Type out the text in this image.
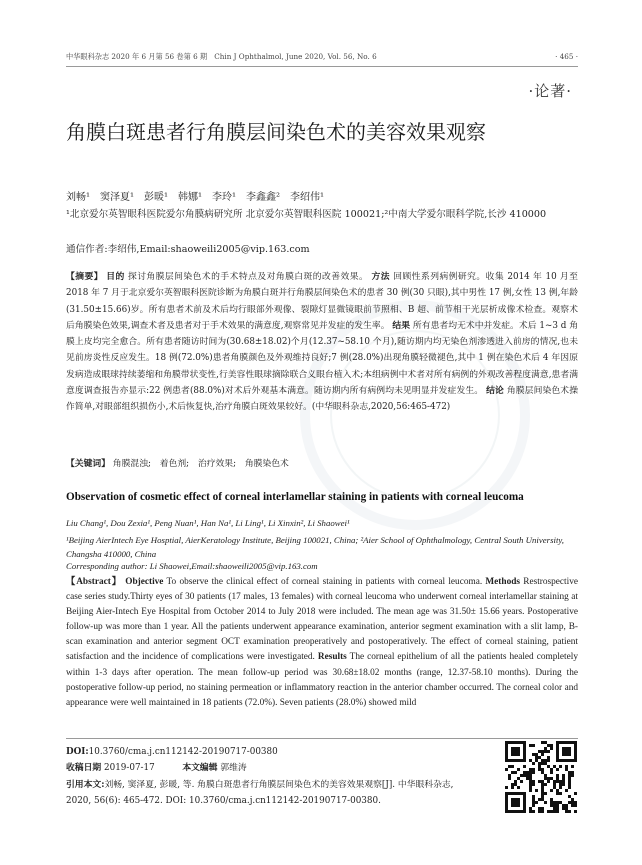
中华眼科杂志 2020 年 6 月第 56 卷第 6 期　Chin J Ophthalmol, June 2020, Vol. 56, No. 6	· 465 ·
·论著·
角膜白斑患者行角膜层间染色术的美容效果观察
刘畅¹　窦泽夏¹　彭暖¹　韩娜¹　李玲¹　李鑫鑫²　李绍伟¹
¹北京爱尔英智眼科医院爱尔角膜病研究所 北京爱尔英智眼科医院 100021;²中南大学爱尔眼科学院,长沙 410000
通信作者:李绍伟,Email:shaoweili2005@vip.163.com
【摘要】 目的 探讨角膜层间染色术的手术特点及对角膜白斑的改善效果。 方法 回顾性系列病例研究。收集 2014 年 10 月至 2018 年 7 月于北京爱尔英智眼科医院诊断为角膜白斑并行角膜层间染色术的患者 30 例(30 只眼),其中男性 17 例,女性 13 例,年龄(31.50±15.66)岁。所有患者术前及术后均行眼部外观像、裂隙灯显微镜眼前节照相、B 超、前节相干光层析成像术检查。观察术后角膜染色效果,调查术者及患者对于手术效果的满意度,观察常见并发症的发生率。 结果 所有患者均无术中并发症。术后 1~3 d 角膜上皮均完全愈合。所有患者随访时间为(30.68±18.02)个月(12.37~58.10 个月),随访期内均无染色剂渗透进入前房的情况,也未见前房炎性反应发生。18 例(72.0%)患者角膜颜色及外观维持良好;7 例(28.0%)出现角膜轻微褪色,其中 1 例在染色术后 4 年因原发病造成眼球持续萎缩和角膜带状变性,行美容性眼球摘除联合义眼台植入术;本组病例中术者对所有病例的外观改善程度满意,患者满意度调查报告亦显示:22 例患者(88.0%)对术后外观基本满意。随访期内所有病例均未见明显并发症发生。 结论 角膜层间染色术操作简单,对眼部组织损伤小,术后恢复快,治疗角膜白斑效果较好。(中华眼科杂志,2020,56:465-472)
【关键词】 角膜混浊;　着色剂;　治疗效果;　角膜染色术
Observation of cosmetic effect of corneal interlamellar staining in patients with corneal leucoma
Liu Chang¹, Dou Zexia¹, Peng Nuan¹, Han Na¹, Li Ling¹, Li Xinxin², Li Shaowei¹
¹Beijing AierIntech Eye Hosptial, AierKeratology Institute, Beijing 100021, China; ²Aier School of Ophthalmology, Central South University, Changsha 410000, China
Corresponding author: Li Shaowei,Email:shaoweili2005@vip.163.com
【Abstract】 Objective To observe the clinical effect of corneal staining in patients with corneal leucoma. Methods Restrospective case series study.Thirty eyes of 30 patients (17 males, 13 females) with corneal leucoma who underwent corneal interlamellar staining at Beijing Aier-Intech Eye Hospital from October 2014 to July 2018 were included. The mean age was 31.50± 15.66 years. Postoperative follow-up was more than 1 year. All the patients underwent appearance examination, anterior segment examination with a slit lamp, B-scan examination and anterior segment OCT examination preoperatively and postoperatively. The effect of corneal staining, patient satisfaction and the incidence of complications were investigated. Results The corneal epithelium of all the patients healed completely within 1-3 days after operation. The mean follow-up period was 30.68±18.02 months (range, 12.37-58.10 months). During the postoperative follow-up period, no staining permeation or inflammatory reaction in the anterior chamber occurred. The corneal color and appearance were well maintained in 18 patients (72.0%). Seven patients (28.0%) showed mild
DOI:10.3760/cma.j.cn112142-20190717-00380
收稿日期 2019-07-17	本文编辑 郭维涛
引用本文:刘畅, 窦泽夏, 彭暖, 等. 角膜白斑患者行角膜层间染色术的美容效果观察[J]. 中华眼科杂志,
2020, 56(6): 465-472. DOI: 10.3760/cma.j.cn112142-20190717-00380.
